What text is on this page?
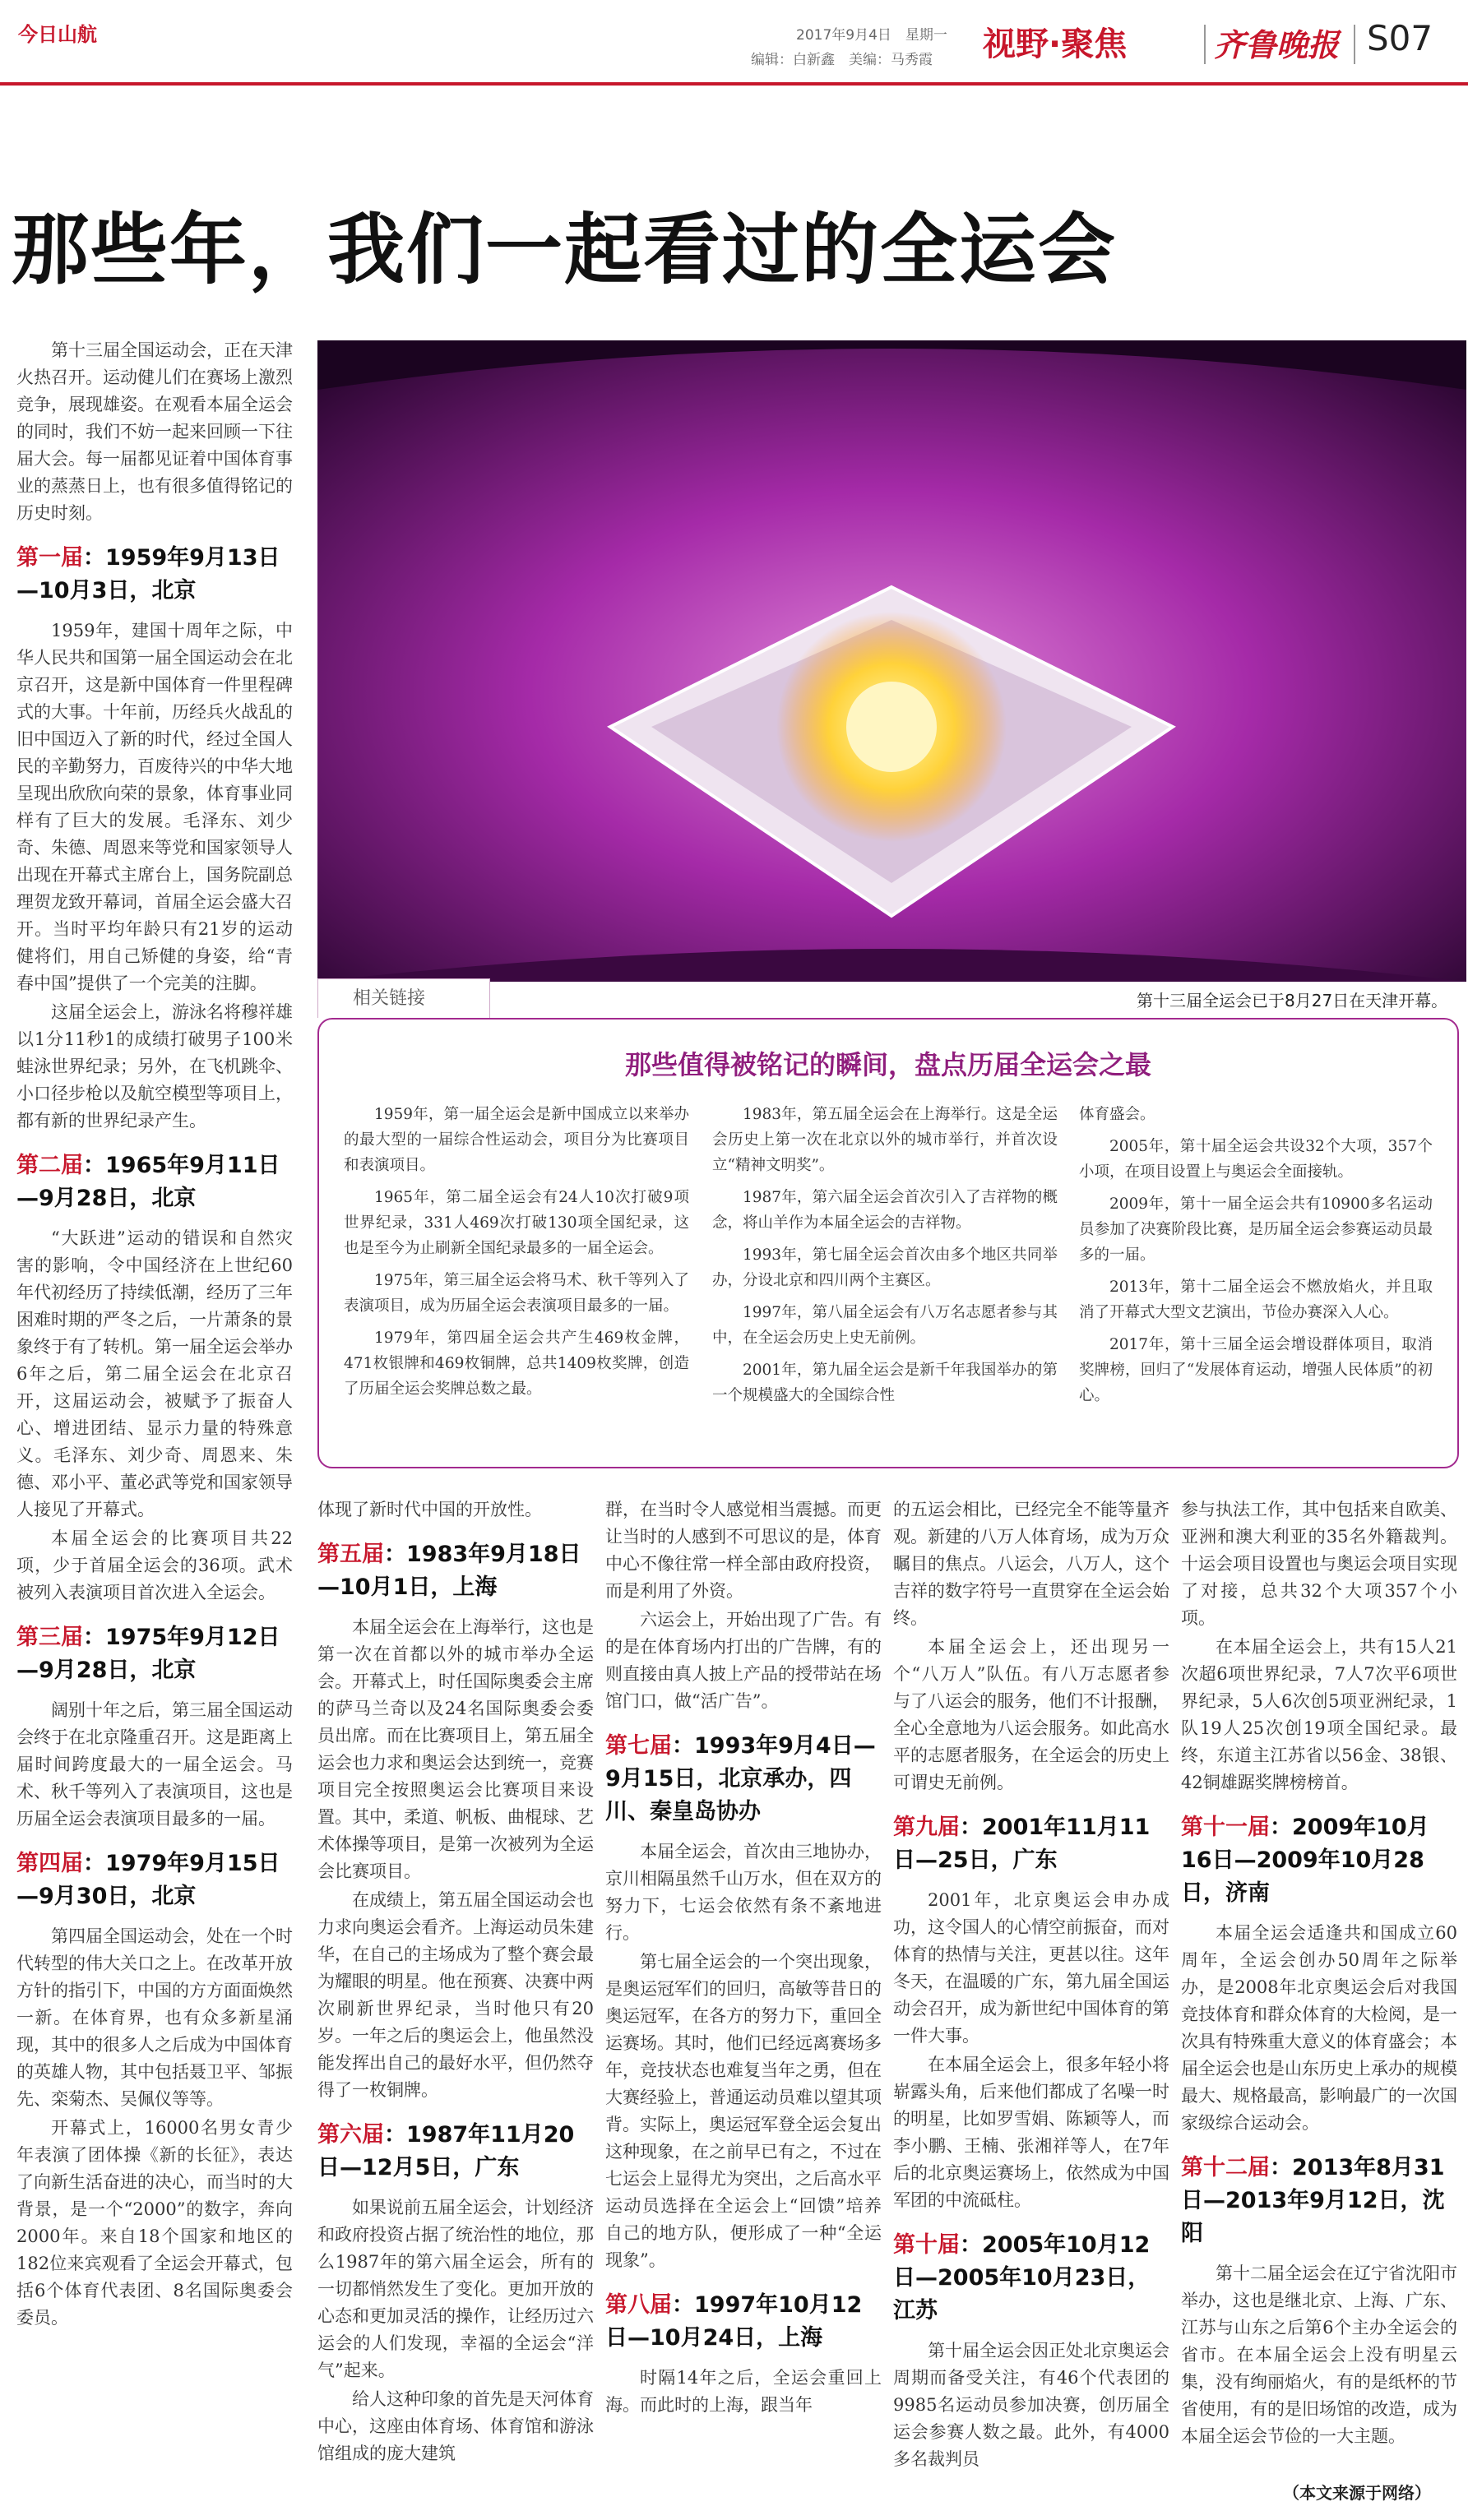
今日山航	2017年9月4日　星期一
编辑：白新鑫　美编：马秀霞 视野·聚焦	齐鲁晚报 S07
那些年，我们一起看过的全运会
第十三届全运会已于8月27日在天津开幕。
相关链接
那些值得被铭记的瞬间，盘点历届全运会之最

1959年，第一届全运会是新中国成立以来举办的最大型的一届综合性运动会，项目分为比赛项目和表演项目。

1965年，第二届全运会有24人10次打破9项世界纪录，331人469次打破130项全国纪录，这也是至今为止刷新全国纪录最多的一届全运会。

1975年，第三届全运会将马术、秋千等列入了表演项目，成为历届全运会表演项目最多的一届。

1979年，第四届全运会共产生469枚金牌，471枚银牌和469枚铜牌，总共1409枚奖牌，创造了历届全运会奖牌总数之最。

1983年，第五届全运会在上海举行。这是全运会历史上第一次在北京以外的城市举行，并首次设立“精神文明奖”。

1987年，第六届全运会首次引入了吉祥物的概念，将山羊作为本届全运会的吉祥物。

1993年，第七届全运会首次由多个地区共同举办，分设北京和四川两个主赛区。

1997年，第八届全运会有八万名志愿者参与其中，在全运会历史上史无前例。

2001年，第九届全运会是新千年我国举办的第一个规模盛大的全国综合性

体育盛会。

2005年，第十届全运会共设32个大项，357个小项，在项目设置上与奥运会全面接轨。

2009年，第十一届全运会共有10900多名运动员参加了决赛阶段比赛，是历届全运会参赛运动员最多的一届。

2013年，第十二届全运会不燃放焰火，并且取消了开幕式大型文艺演出，节俭办赛深入人心。

2017年，第十三届全运会增设群体项目，取消奖牌榜，回归了“发展体育运动，增强人民体质”的初心。

第十三届全国运动会，正在天津火热召开。运动健儿们在赛场上激烈竞争，展现雄姿。在观看本届全运会的同时，我们不妨一起来回顾一下往届大会。每一届都见证着中国体育事业的蒸蒸日上，也有很多值得铭记的历史时刻。

第一届：1959年9月13日—10月3日，北京

1959年，建国十周年之际，中华人民共和国第一届全国运动会在北京召开，这是新中国体育一件里程碑式的大事。十年前，历经兵火战乱的旧中国迈入了新的时代，经过全国人民的辛勤努力，百废待兴的中华大地呈现出欣欣向荣的景象，体育事业同样有了巨大的发展。毛泽东、刘少奇、朱德、周恩来等党和国家领导人出现在开幕式主席台上，国务院副总理贺龙致开幕词，首届全运会盛大召开。当时平均年龄只有21岁的运动健将们，用自己矫健的身姿，给“青春中国”提供了一个完美的注脚。

这届全运会上，游泳名将穆祥雄以1分11秒1的成绩打破男子100米蛙泳世界纪录；另外，在飞机跳伞、小口径步枪以及航空模型等项目上，都有新的世界纪录产生。

第二届：1965年9月11日—9月28日，北京

“大跃进”运动的错误和自然灾害的影响，令中国经济在上世纪60年代初经历了持续低潮，经历了三年困难时期的严冬之后，一片萧条的景象终于有了转机。第一届全运会举办6年之后，第二届全运会在北京召开，这届运动会，被赋予了振奋人心、增进团结、显示力量的特殊意义。毛泽东、刘少奇、周恩来、朱德、邓小平、董必武等党和国家领导人接见了开幕式。

本届全运会的比赛项目共22项，少于首届全运会的36项。武术被列入表演项目首次进入全运会。

第三届：1975年9月12日—9月28日，北京

阔别十年之后，第三届全国运动会终于在北京隆重召开。这是距离上届时间跨度最大的一届全运会。马术、秋千等列入了表演项目，这也是历届全运会表演项目最多的一届。

第四届：1979年9月15日—9月30日，北京

第四届全国运动会，处在一个时代转型的伟大关口之上。在改革开放方针的指引下，中国的方方面面焕然一新。在体育界，也有众多新星涌现，其中的很多人之后成为中国体育的英雄人物，其中包括聂卫平、邹振先、栾菊杰、吴佩仪等等。

开幕式上，16000名男女青少年表演了团体操《新的长征》，表达了向新生活奋进的决心，而当时的大背景，是一个“2000”的数字，奔向2000年。来自18个国家和地区的182位来宾观看了全运会开幕式，包括6个体育代表团、8名国际奥委会委员。

体现了新时代中国的开放性。

第五届：1983年9月18日—10月1日，上海

本届全运会在上海举行，这也是第一次在首都以外的城市举办全运会。开幕式上，时任国际奥委会主席的萨马兰奇以及24名国际奥委会委员出席。而在比赛项目上，第五届全运会也力求和奥运会达到统一，竞赛项目完全按照奥运会比赛项目来设置。其中，柔道、帆板、曲棍球、艺术体操等项目，是第一次被列为全运会比赛项目。

在成绩上，第五届全国运动会也力求向奥运会看齐。上海运动员朱建华，在自己的主场成为了整个赛会最为耀眼的明星。他在预赛、决赛中两次刷新世界纪录，当时他只有20岁。一年之后的奥运会上，他虽然没能发挥出自己的最好水平，但仍然夺得了一枚铜牌。

第六届：1987年11月20日—12月5日，广东

如果说前五届全运会，计划经济和政府投资占据了统治性的地位，那么1987年的第六届全运会，所有的一切都悄然发生了变化。更加开放的心态和更加灵活的操作，让经历过六运会的人们发现，幸福的全运会“洋气”起来。

给人这种印象的首先是天河体育中心，这座由体育场、体育馆和游泳馆组成的庞大建筑

群，在当时令人感觉相当震撼。而更让当时的人感到不可思议的是，体育中心不像往常一样全部由政府投资，而是利用了外资。

六运会上，开始出现了广告。有的是在体育场内打出的广告牌，有的则直接由真人披上产品的授带站在场馆门口，做“活广告”。

第七届：1993年9月4日—9月15日，北京承办，四川、秦皇岛协办

本届全运会，首次由三地协办，京川相隔虽然千山万水，但在双方的努力下，七运会依然有条不紊地进行。

第七届全运会的一个突出现象，是奥运冠军们的回归，高敏等昔日的奥运冠军，在各方的努力下，重回全运赛场。其时，他们已经远离赛场多年，竞技状态也难复当年之勇，但在大赛经验上，普通运动员难以望其项背。实际上，奥运冠军登全运会复出这种现象，在之前早已有之，不过在七运会上显得尤为突出，之后高水平运动员选择在全运会上“回馈”培养自己的地方队，便形成了一种“全运现象”。

第八届：1997年10月12日—10月24日，上海

时隔14年之后，全运会重回上海。而此时的上海，跟当年

的五运会相比，已经完全不能等量齐观。新建的八万人体育场，成为万众瞩目的焦点。八运会，八万人，这个吉祥的数字符号一直贯穿在全运会始终。

本届全运会上，还出现另一个“八万人”队伍。有八万志愿者参与了八运会的服务，他们不计报酬，全心全意地为八运会服务。如此高水平的志愿者服务，在全运会的历史上可谓史无前例。

第九届：2001年11月11日—25日，广东

2001年，北京奥运会申办成功，这令国人的心情空前振奋，而对体育的热情与关注，更甚以往。这年冬天，在温暖的广东，第九届全国运动会召开，成为新世纪中国体育的第一件大事。

在本届全运会上，很多年轻小将崭露头角，后来他们都成了名噪一时的明星，比如罗雪娟、陈颖等人，而李小鹏、王楠、张湘祥等人，在7年后的北京奥运赛场上，依然成为中国军团的中流砥柱。

第十届：2005年10月12日—2005年10月23日，江苏

第十届全运会因正处北京奥运会周期而备受关注，有46个代表团的9985名运动员参加决赛，创历届全运会参赛人数之最。此外，有4000多名裁判员

参与执法工作，其中包括来自欧美、亚洲和澳大利亚的35名外籍裁判。十运会项目设置也与奥运会项目实现了对接，总共32个大项357个小项。

在本届全运会上，共有15人21次超6项世界纪录，7人7次平6项世界纪录，5人6次创5项亚洲纪录，1队19人25次创19项全国纪录。最终，东道主江苏省以56金、38银、42铜雄踞奖牌榜榜首。

第十一届：2009年10月16日—2009年10月28日，济南

本届全运会适逢共和国成立60周年，全运会创办50周年之际举办，是2008年北京奥运会后对我国竞技体育和群众体育的大检阅，是一次具有特殊重大意义的体育盛会；本届全运会也是山东历史上承办的规模最大、规格最高，影响最广的一次国家级综合运动会。

第十二届：2013年8月31日—2013年9月12日，沈阳

第十二届全运会在辽宁省沈阳市举办，这也是继北京、上海、广东、江苏与山东之后第6个主办全运会的省市。在本届全运会上没有明星云集，没有绚丽焰火，有的是纸杯的节省使用，有的是旧场馆的改造，成为本届全运会节俭的一大主题。

（本文来源于网络）
